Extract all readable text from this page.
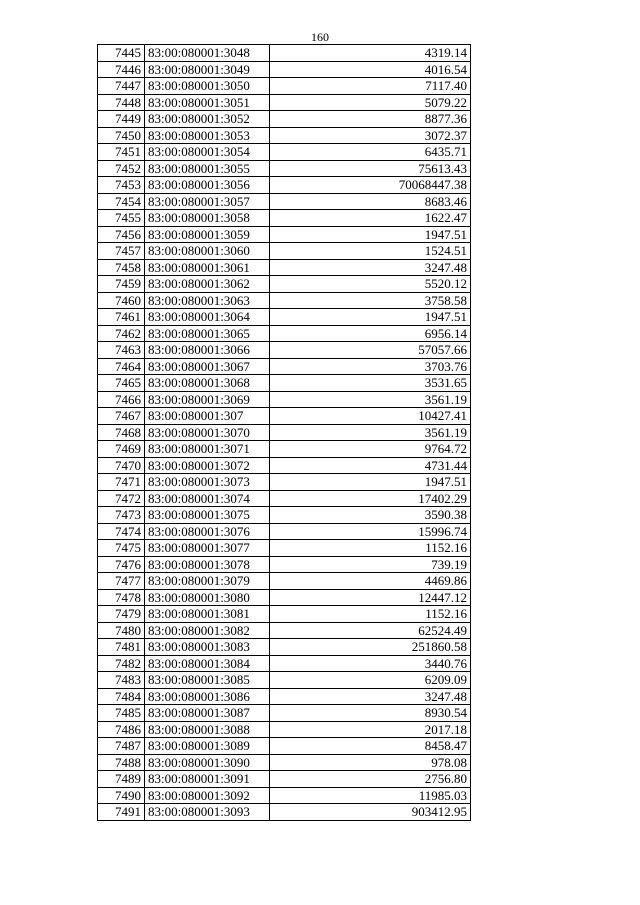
160
7445	83:00:080001:3048	4319.14
7446	83:00:080001:3049	4016.54
7447	83:00:080001:3050	7117.40
7448	83:00:080001:3051	5079.22
7449	83:00:080001:3052	8877.36
7450	83:00:080001:3053	3072.37
7451	83:00:080001:3054	6435.71
7452	83:00:080001:3055	75613.43
7453	83:00:080001:3056	70068447.38
7454	83:00:080001:3057	8683.46
7455	83:00:080001:3058	1622.47
7456	83:00:080001:3059	1947.51
7457	83:00:080001:3060	1524.51
7458	83:00:080001:3061	3247.48
7459	83:00:080001:3062	5520.12
7460	83:00:080001:3063	3758.58
7461	83:00:080001:3064	1947.51
7462	83:00:080001:3065	6956.14
7463	83:00:080001:3066	57057.66
7464	83:00:080001:3067	3703.76
7465	83:00:080001:3068	3531.65
7466	83:00:080001:3069	3561.19
7467	83:00:080001:307	10427.41
7468	83:00:080001:3070	3561.19
7469	83:00:080001:3071	9764.72
7470	83:00:080001:3072	4731.44
7471	83:00:080001:3073	1947.51
7472	83:00:080001:3074	17402.29
7473	83:00:080001:3075	3590.38
7474	83:00:080001:3076	15996.74
7475	83:00:080001:3077	1152.16
7476	83:00:080001:3078	739.19
7477	83:00:080001:3079	4469.86
7478	83:00:080001:3080	12447.12
7479	83:00:080001:3081	1152.16
7480	83:00:080001:3082	62524.49
7481	83:00:080001:3083	251860.58
7482	83:00:080001:3084	3440.76
7483	83:00:080001:3085	6209.09
7484	83:00:080001:3086	3247.48
7485	83:00:080001:3087	8930.54
7486	83:00:080001:3088	2017.18
7487	83:00:080001:3089	8458.47
7488	83:00:080001:3090	978.08
7489	83:00:080001:3091	2756.80
7490	83:00:080001:3092	11985.03
7491	83:00:080001:3093	903412.95
